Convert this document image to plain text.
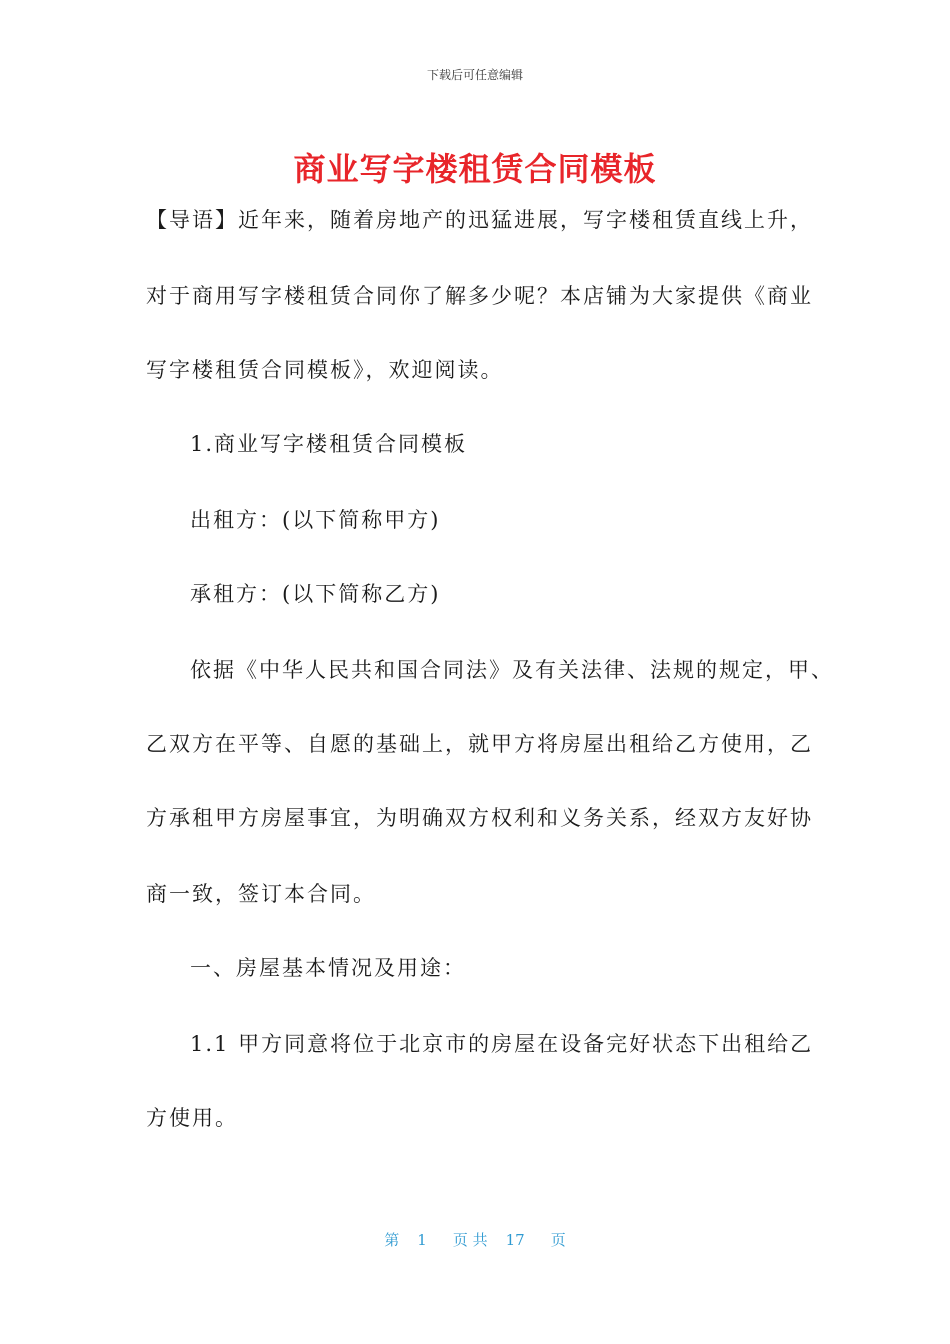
下载后可任意编辑
商业写字楼租赁合同模板
【导语】近年来，随着房地产的迅猛进展，写字楼租赁直线上升，
对于商用写字楼租赁合同你了解多少呢？本店铺为大家提供《商业
写字楼租赁合同模板》，欢迎阅读。
1.商业写字楼租赁合同模板
出租方：(以下简称甲方)
承租方：(以下简称乙方)
依据《中华人民共和国合同法》及有关法律、法规的规定，甲、
乙双方在平等、自愿的基础上，就甲方将房屋出租给乙方使用，乙
方承租甲方房屋事宜，为明确双方权利和义务关系，经双方友好协
商一致，签订本合同。
一、房屋基本情况及用途：
1.1 甲方同意将位于北京市的房屋在设备完好状态下出租给乙
方使用。
第 1 页 共 17 页
